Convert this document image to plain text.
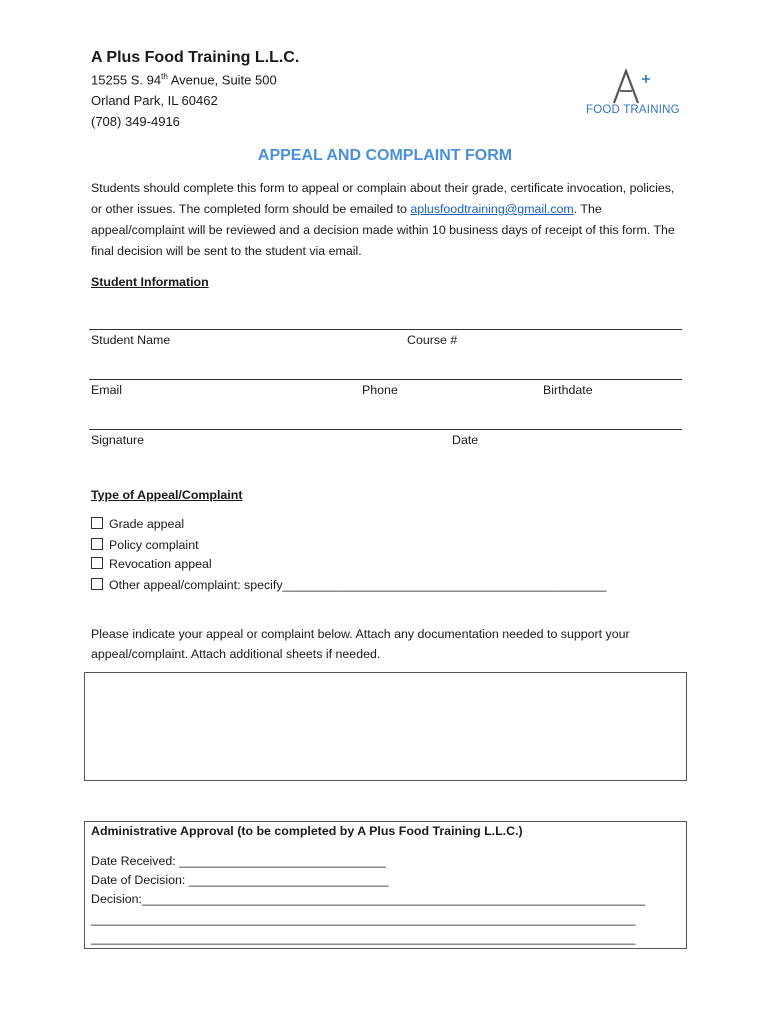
A Plus Food Training L.L.C.
15255 S. 94th Avenue, Suite 500
Orland Park, IL 60462
(708) 349-4916
FOOD TRAINING
APPEAL AND COMPLAINT FORM
Students should complete this form to appeal or complain about their grade, certificate invocation, policies, or other issues. The completed form should be emailed to aplusfoodtraining@gmail.com. The appeal/complaint will be reviewed and a decision made within 10 business days of receipt of this form. The final decision will be sent to the student via email.
Student Information
Student Name	Course #
Email	Phone	Birthdate
Signature	Date
Type of Appeal/Complaint
Grade appeal
Policy complaint
Revocation appeal
Other appeal/complaint: specify_______________________________________________
Please indicate your appeal or complaint below. Attach any documentation needed to support your appeal/complaint. Attach additional sheets if needed.
Administrative Approval (to be completed by A Plus Food Training L.L.C.)
Date Received: ______________________________
Date of Decision: _____________________________
Decision:_________________________________________________________________________
_______________________________________________________________________________
_______________________________________________________________________________
